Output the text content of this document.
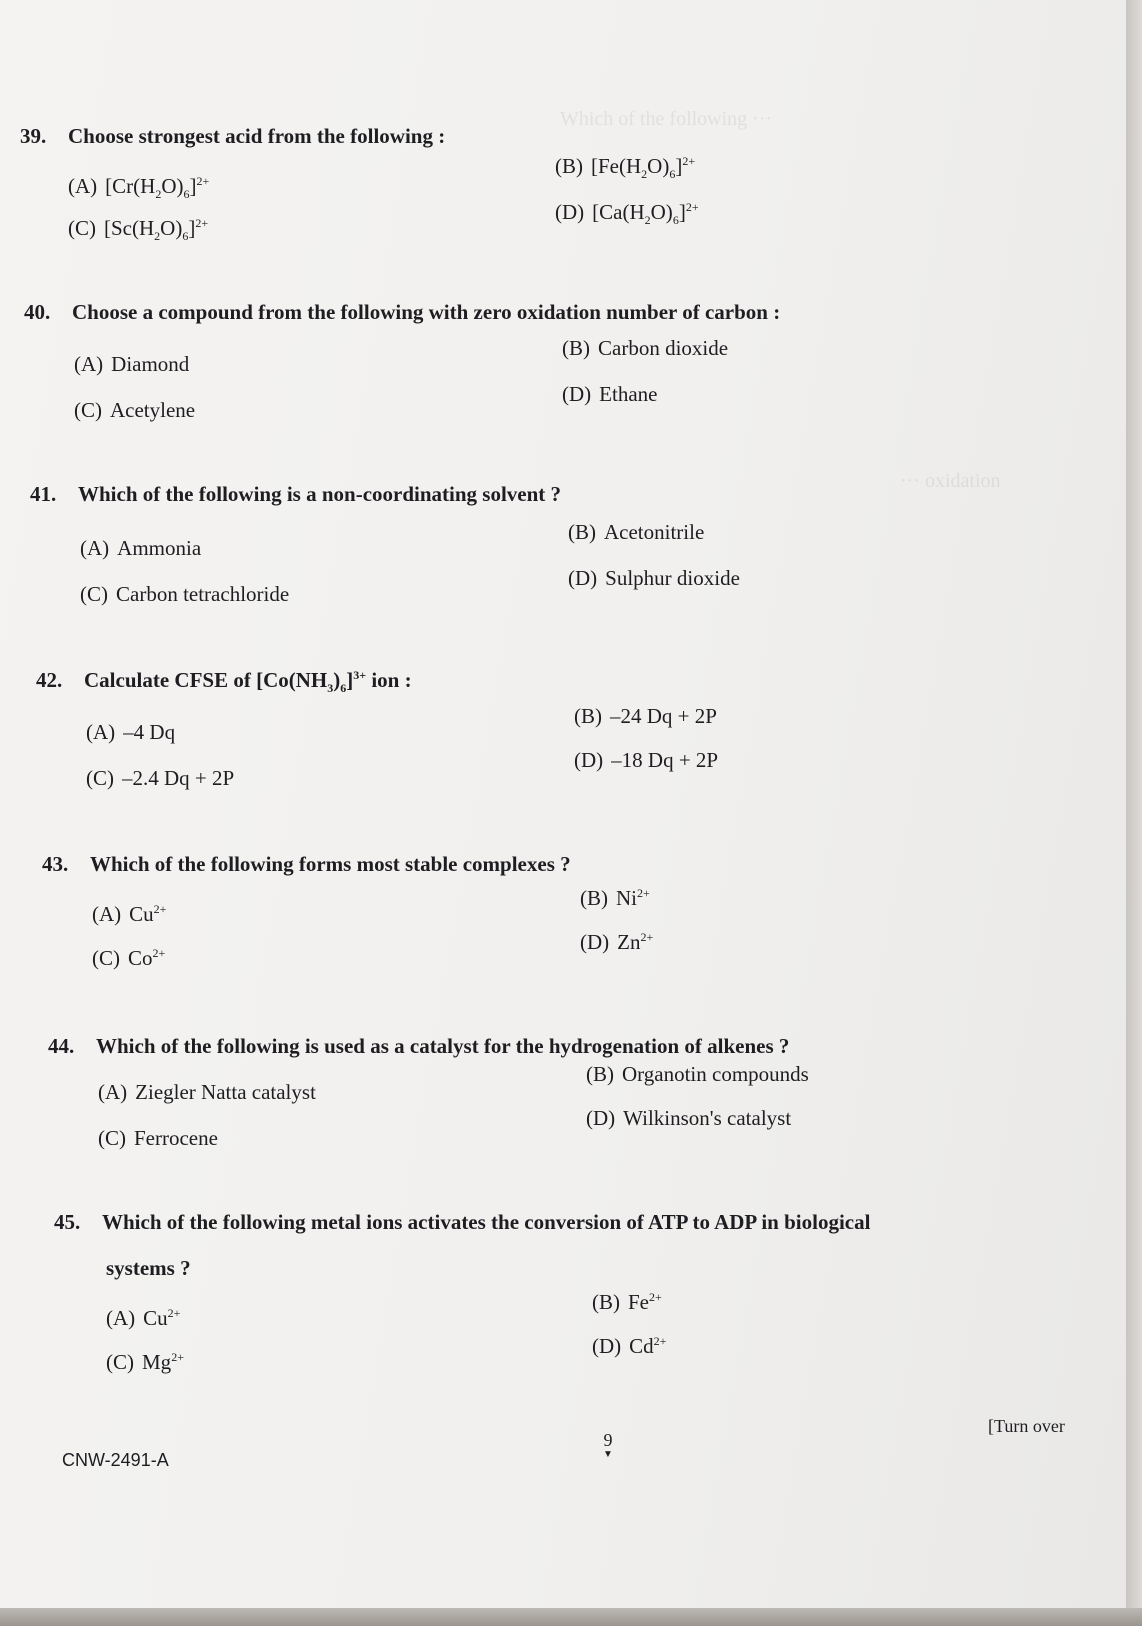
Which of the following ···
··· oxidation
39. Choose strongest acid from the following :
(A) $[Cr(H_2O)_6]^{2+}$
(B) $[Fe(H_2O)_6]^{2+}$
(C) $[Sc(H_2O)_6]^{2+}$	(D) $[Ca(H_2O)_6]^{2+}$
40. Choose a compound from the following with zero oxidation number of carbon :
(A) Diamond
(B) Carbon dioxide
(C) Acetylene
(D) Ethane
41. Which of the following is a non-coordinating solvent ?
(A) Ammonia
(B) Acetonitrile
(C) Carbon tetrachloride
(D) Sulphur dioxide
42. Calculate CFSE of $[Co(NH_3)_6]^{3+}$ ion :
(A) –4 Dq
(B) –24 Dq + 2P
(C) –2.4 Dq + 2P
(D) –18 Dq + 2P
43. Which of the following forms most stable complexes ?
(A) $Cu^{2+}$	(B) $Ni^{2+}$
(C) $Co^{2+}$	(D) $Zn^{2+}$
44. Which of the following is used as a catalyst for the hydrogenation of alkenes ?
(A) Ziegler Natta catalyst
(B) Organotin compounds
(C) Ferrocene
(D) Wilkinson's catalyst
45. Which of the following metal ions activates the conversion of ATP to ADP in biological
systems ?
(A) $Cu^{2+}$	(B) $Fe^{2+}$
(C) $Mg^{2+}$	(D) $Cd^{2+}$
CNW-2491-A
9
▼
[Turn over
